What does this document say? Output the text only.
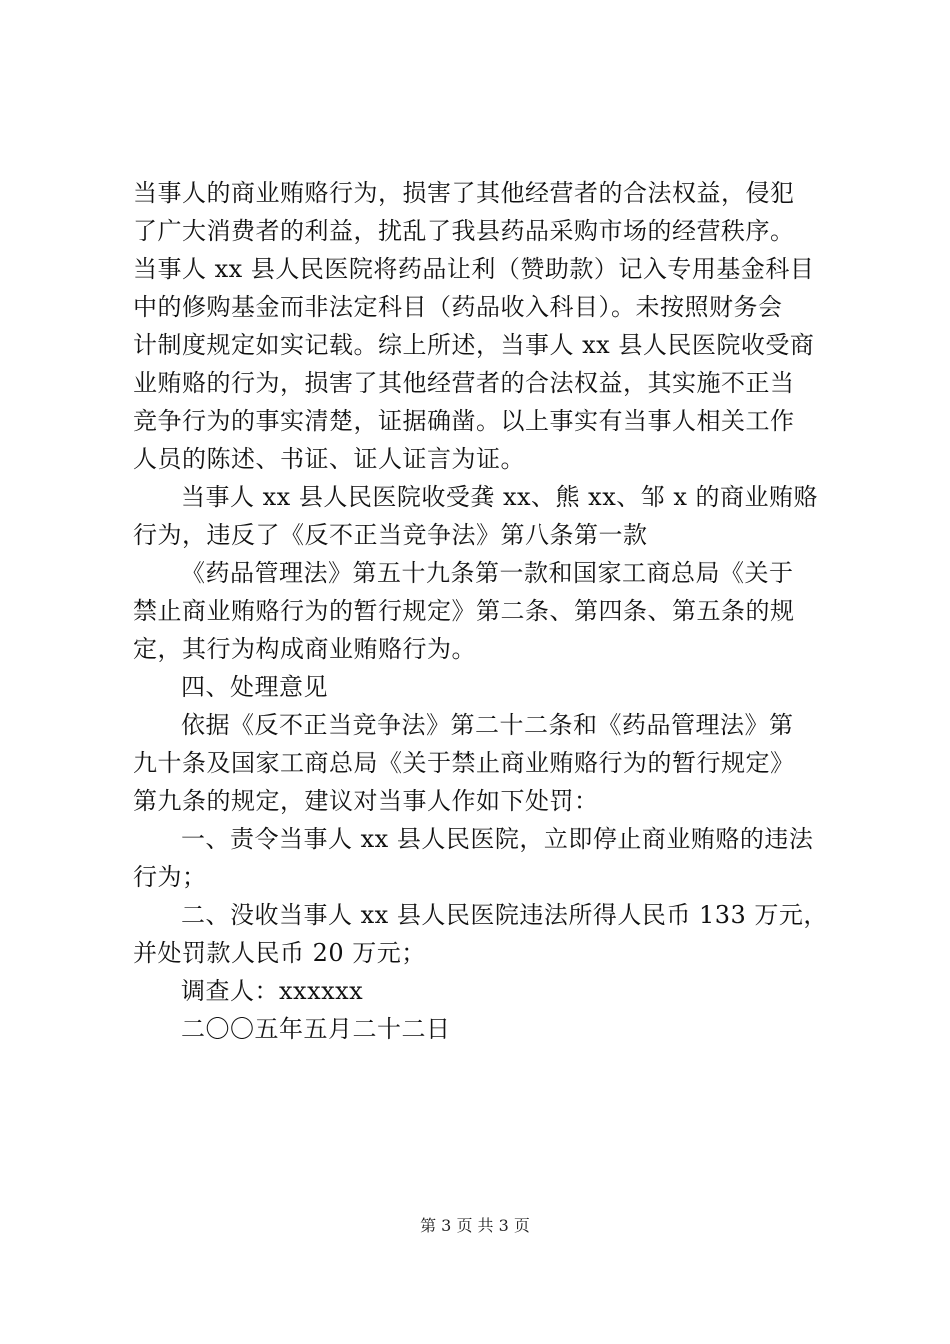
当事人的商业贿赂行为，损害了其他经营者的合法权益，侵犯
了广大消费者的利益，扰乱了我县药品采购市场的经营秩序。
当事人 xx 县人民医院将药品让利（赞助款）记入专用基金科目
中的修购基金而非法定科目（药品收入科目）。未按照财务会
计制度规定如实记载。综上所述，当事人 xx 县人民医院收受商
业贿赂的行为，损害了其他经营者的合法权益，其实施不正当
竞争行为的事实清楚，证据确凿。以上事实有当事人相关工作
人员的陈述、书证、证人证言为证。
当事人 xx 县人民医院收受龚 xx、熊 xx、邹 x 的商业贿赂
行为，违反了《反不正当竞争法》第八条第一款
《药品管理法》第五十九条第一款和国家工商总局《关于
禁止商业贿赂行为的暂行规定》第二条、第四条、第五条的规
定，其行为构成商业贿赂行为。
四、处理意见
依据《反不正当竞争法》第二十二条和《药品管理法》第
九十条及国家工商总局《关于禁止商业贿赂行为的暂行规定》
第九条的规定，建议对当事人作如下处罚：
一、责令当事人 xx 县人民医院，立即停止商业贿赂的违法
行为；
二、没收当事人 xx 县人民医院违法所得人民币 133 万元，
并处罚款人民币 20 万元；
调查人：xxxxxx
二〇〇五年五月二十二日
第 3 页 共 3 页
